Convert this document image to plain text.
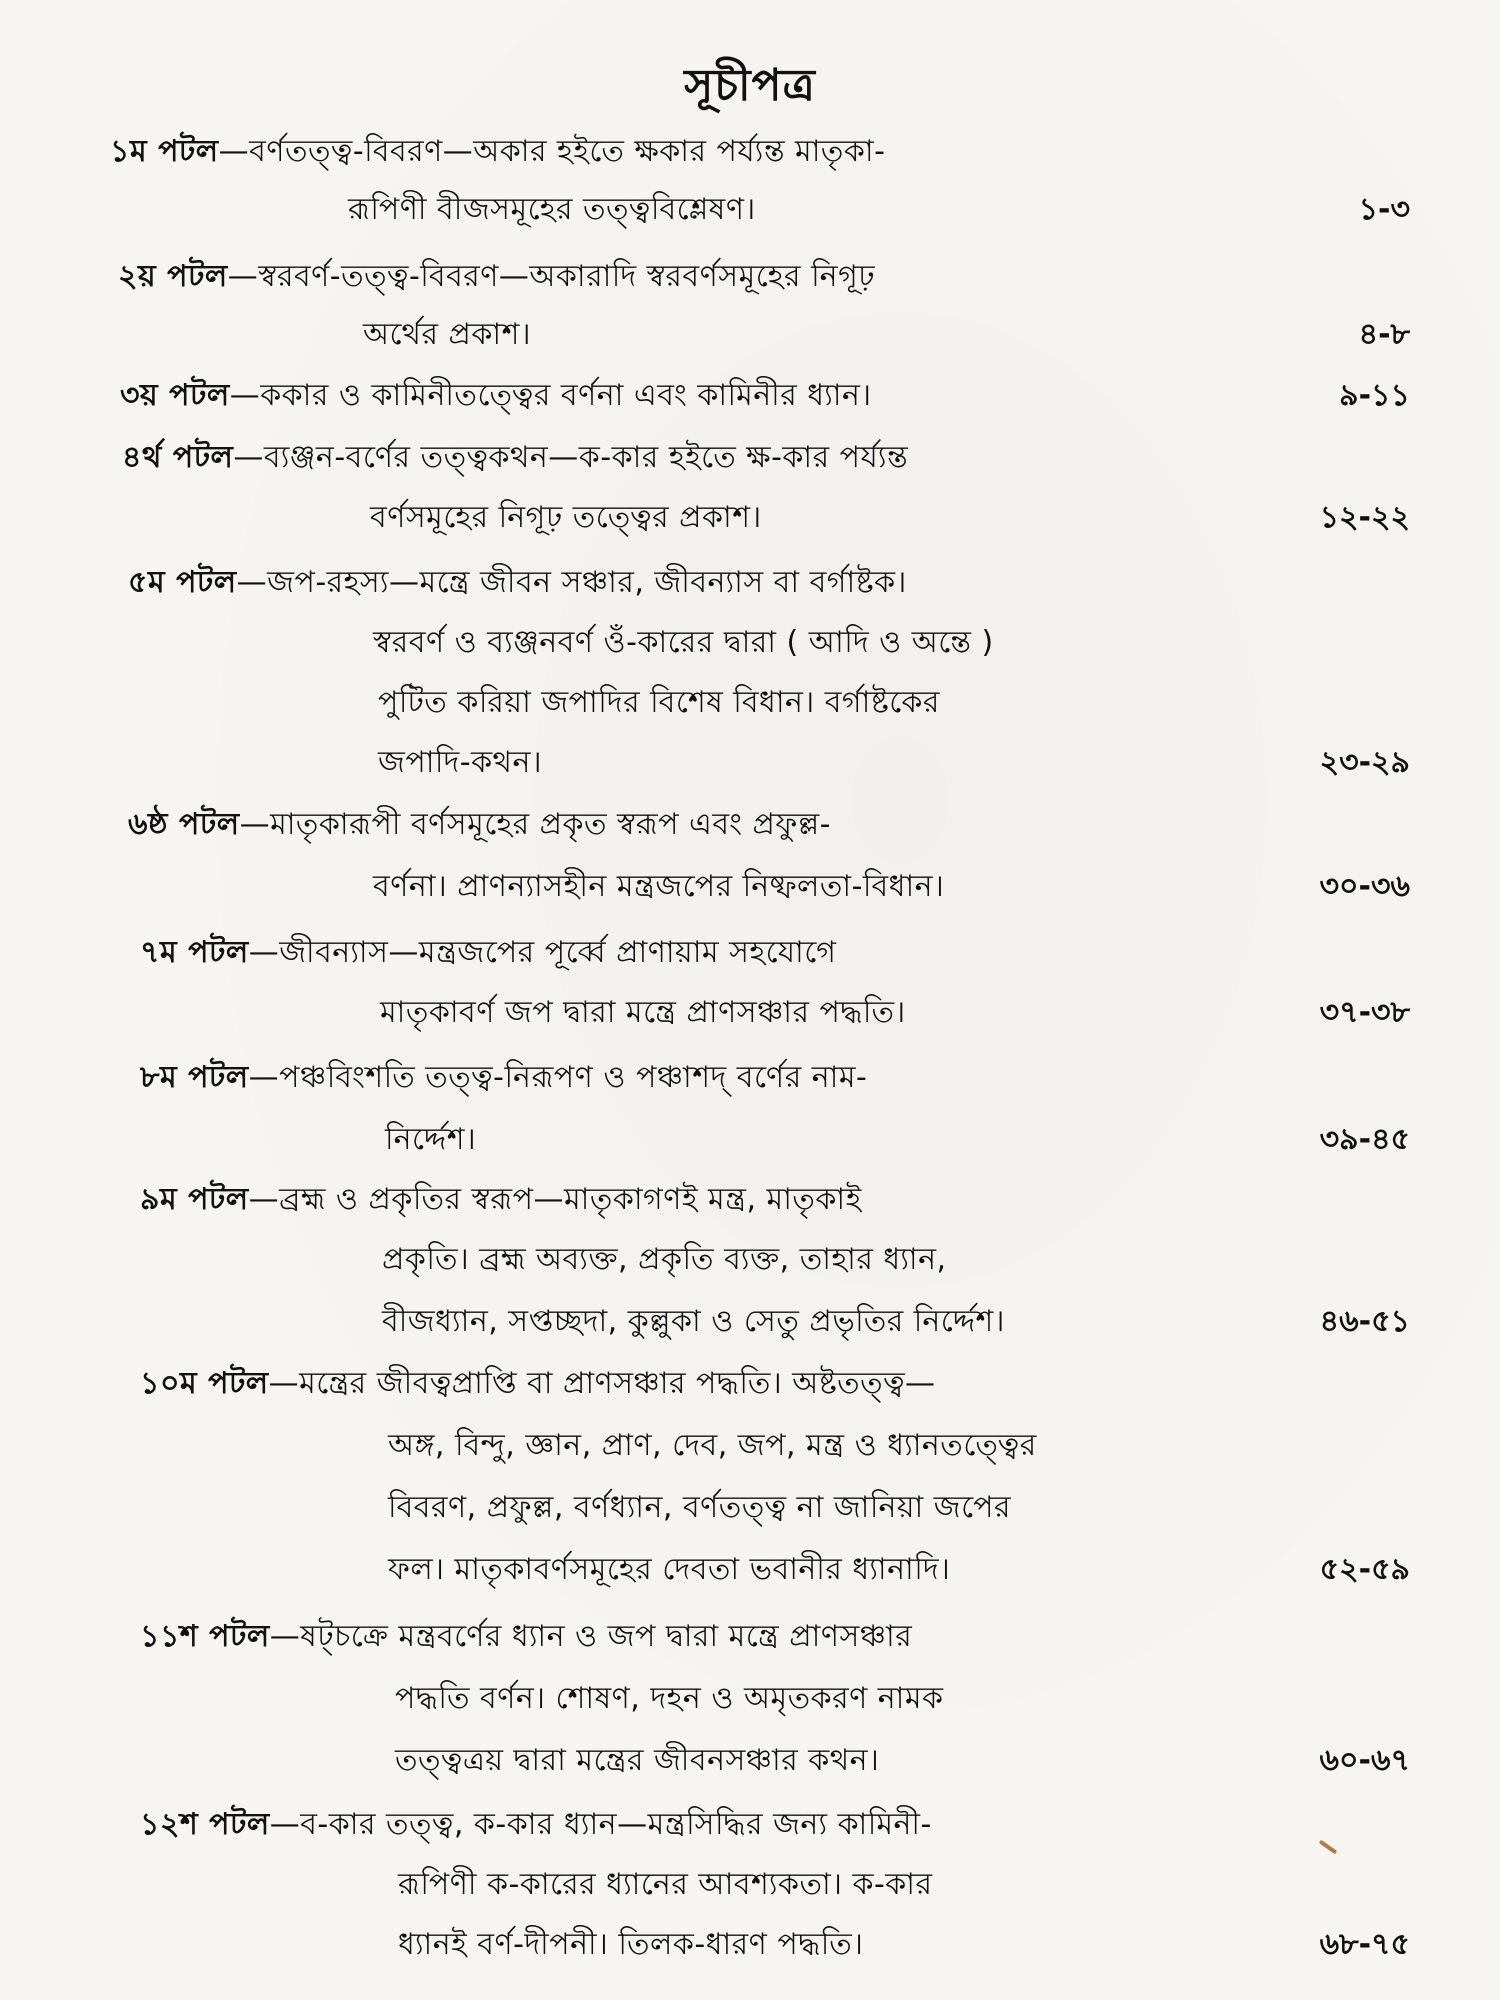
সূচীপত্র
১ম পটল—বর্ণতত্ত্ব-বিবরণ—অকার হইতে ক্ষকার পর্য্যন্ত মাতৃকা-
রূপিণী বীজসমূহের তত্ত্ববিশ্লেষণ।	১-৩
২য় পটল—স্বরবর্ণ-তত্ত্ব-বিবরণ—অকারাদি স্বরবর্ণসমূহের নিগূঢ়
অর্থের প্রকাশ।	৪-৮
৩য় পটল—ককার ও কামিনীতত্ত্বের বর্ণনা এবং কামিনীর ধ্যান।	৯-১১
৪র্থ পটল—ব্যঞ্জন-বর্ণের তত্ত্বকথন—ক-কার হইতে ক্ষ-কার পর্য্যন্ত
বর্ণসমূহের নিগূঢ় তত্ত্বের প্রকাশ।	১২-২২
৫ম পটল—জপ-রহস্য—মন্ত্রে জীবন সঞ্চার, জীবন্যাস বা বর্গাষ্টক।
স্বরবর্ণ ও ব্যঞ্জনবর্ণ ওঁ-কারের দ্বারা ( আদি ও অন্তে )
পুটিত করিয়া জপাদির বিশেষ বিধান। বর্গাষ্টকের
জপাদি-কথন।	২৩-২৯
৬ষ্ঠ পটল—মাতৃকারূপী বর্ণসমূহের প্রকৃত স্বরূপ এবং প্রফুল্ল-
বর্ণনা। প্রাণন্যাসহীন মন্ত্রজপের নিষ্ফলতা-বিধান।	৩০-৩৬
৭ম পটল—জীবন্যাস—মন্ত্রজপের পূর্ব্বে প্রাণায়াম সহযোগে
মাতৃকাবর্ণ জপ দ্বারা মন্ত্রে প্রাণসঞ্চার পদ্ধতি।	৩৭-৩৮
৮ম পটল—পঞ্চবিংশতি তত্ত্ব-নিরূপণ ও পঞ্চাশদ্ বর্ণের নাম-
নির্দ্দেশ।	৩৯-৪৫
৯ম পটল—ব্রহ্ম ও প্রকৃতির স্বরূপ—মাতৃকাগণই মন্ত্র, মাতৃকাই
প্রকৃতি। ব্রহ্ম অব্যক্ত, প্রকৃতি ব্যক্ত, তাহার ধ্যান,
বীজধ্যান, সপ্তচ্ছদা, কুল্লুকা ও সেতু প্রভৃতির নির্দ্দেশ।	৪৬-৫১
১০ম পটল—মন্ত্রের জীবত্বপ্রাপ্তি বা প্রাণসঞ্চার পদ্ধতি। অষ্টতত্ত্ব—
অঙ্গ, বিন্দু, জ্ঞান, প্রাণ, দেব, জপ, মন্ত্র ও ধ্যানতত্ত্বের
বিবরণ, প্রফুল্ল, বর্ণধ্যান, বর্ণতত্ত্ব না জানিয়া জপের
ফল। মাতৃকাবর্ণসমূহের দেবতা ভবানীর ধ্যানাদি।	৫২-৫৯
১১শ পটল—ষট্‌চক্রে মন্ত্রবর্ণের ধ্যান ও জপ দ্বারা মন্ত্রে প্রাণসঞ্চার
পদ্ধতি বর্ণন। শোষণ, দহন ও অমৃতকরণ নামক
তত্ত্বত্রয় দ্বারা মন্ত্রের জীবনসঞ্চার কথন।	৬০-৬৭
১২শ পটল—ব-কার তত্ত্ব, ক-কার ধ্যান—মন্ত্রসিদ্ধির জন্য কামিনী-
রূপিণী ক-কারের ধ্যানের আবশ্যকতা। ক-কার
ধ্যানই বর্ণ-দীপনী। তিলক-ধারণ পদ্ধতি।	৬৮-৭৫
